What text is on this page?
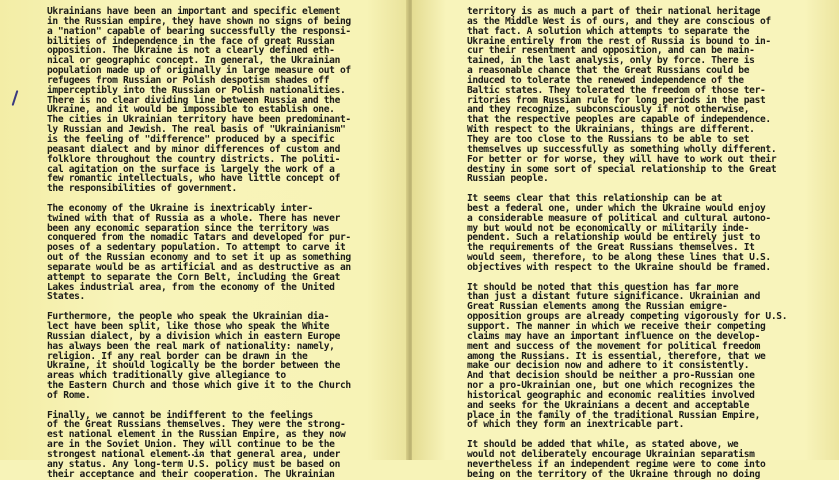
Ukrainians have been an important and specific element
in the Russian empire, they have shown no signs of being
a "nation" capable of bearing successfully the responsi-
bilities of independence in the face of great Russian
opposition. The Ukraine is not a clearly defined eth-
nical or geographic concept. In general, the Ukrainian
population made up of originally in large measure out of
refugees from Russian or Polish despotism shades off
imperceptibly into the Russian or Polish nationalities.
There is no clear dividing line between Russia and the
Ukraine, and it would be impossible to establish one.
The cities in Ukrainian territory have been predominant-
ly Russian and Jewish. The real basis of "Ukrainianism"
is the feeling of "difference" produced by a specific
peasant dialect and by minor differences of custom and
folklore throughout the country districts. The politi-
cal agitation on the surface is largely the work of a
few romantic intellectuals, who have little concept of
the responsibilities of government.

The economy of the Ukraine is inextricably inter-
twined with that of Russia as a whole. There has never
been any economic separation since the territory was
conquered from the nomadic Tatars and developed for pur-
poses of a sedentary population. To attempt to carve it
out of the Russian economy and to set it up as something
separate would be as artificial and as destructive as an
attempt to separate the Corn Belt, including the Great
Lakes industrial area, from the economy of the United
States.

Furthermore, the people who speak the Ukrainian dia-
lect have been split, like those who speak the White
Russian dialect, by a division which in eastern Europe
has always been the real mark of nationality: namely,
religion. If any real border can be drawn in the
Ukraine, it should logically be the border between the
areas which traditionally give allegiance to
the Eastern Church and those which give it to the Church
of Rome.

Finally, we cannot be indifferent to the feelings
of the Great Russians themselves. They were the strong-
est national element in the Russian Empire, as they now
are in the Soviet Union. They will continue to be the
strongest national element in that general area, under
any status. Any long-term U.S. policy must be based on
their acceptance and their cooperation. The Ukrainian

territory is as much a part of their national heritage
as the Middle West is of ours, and they are conscious of
that fact. A solution which attempts to separate the
Ukraine entirely from the rest of Russia is bound to in-
cur their resentment and opposition, and can be main-
tained, in the last analysis, only by force. There is
a reasonable chance that the Great Russians could be
induced to tolerate the renewed independence of the
Baltic states. They tolerated the freedom of those ter-
ritories from Russian rule for long periods in the past
and they recognize, subconsciously if not otherwise,
that the respective peoples are capable of independence.
With respect to the Ukrainians, things are different.
They are too close to the Russians to be able to set
themselves up successfully as something wholly different.
For better or for worse, they will have to work out their
destiny in some sort of special relationship to the Great
Russian people.

It seems clear that this relationship can be at
best a federal one, under which the Ukraine would enjoy
a considerable measure of political and cultural autono-
my but would not be economically or militarily inde-
pendent. Such a relationship would be entirely just to
the requirements of the Great Russians themselves. It
would seem, therefore, to be along these lines that U.S.
objectives with respect to the Ukraine should be framed.

It should be noted that this question has far more
than just a distant future significance. Ukrainian and
Great Russian elements among the Russian emigre-
opposition groups are already competing vigorously for U.S.
support. The manner in which we receive their competing
claims may have an important influence on the develop-
ment and success of the movement for political freedom
among the Russians. It is essential, therefore, that we
make our decision now and adhere to it consistently.
And that decision should be neither a pro-Russian one
nor a pro-Ukrainian one, but one which recognizes the
historical geographic and economic realities involved
and seeks for the Ukrainians a decent and acceptable
place in the family of the traditional Russian Empire,
of which they form an inextricable part.

It should be added that while, as stated above, we
would not deliberately encourage Ukrainian separatism
nevertheless if an independent regime were to come into
being on the territory of the Ukraine through no doing
